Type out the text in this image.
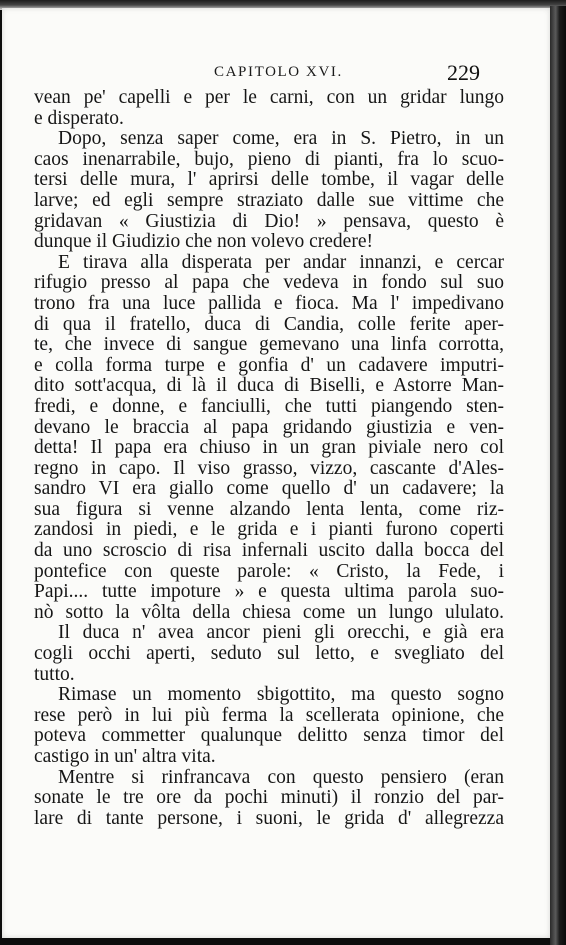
CAPITOLO XVI.	229
vean pe' capelli e per le carni, con un gridar lungo
e disperato.
Dopo, senza saper come, era in S. Pietro, in un
caos inenarrabile, bujo, pieno di pianti, fra lo scuo-
tersi delle mura, l' aprirsi delle tombe, il vagar delle
larve; ed egli sempre straziato dalle sue vittime che
gridavan « Giustizia di Dio! » pensava, questo è
dunque il Giudizio che non volevo credere!
E tirava alla disperata per andar innanzi, e cercar
rifugio presso al papa che vedeva in fondo sul suo
trono fra una luce pallida e fioca. Ma l' impedivano
di qua il fratello, duca di Candia, colle ferite aper-
te, che invece di sangue gemevano una linfa corrotta,
e colla forma turpe e gonfia d' un cadavere imputri-
dito sott'acqua, di là il duca di Biselli, e Astorre Man-
fredi, e donne, e fanciulli, che tutti piangendo sten-
devano le braccia al papa gridando giustizia e ven-
detta! Il papa era chiuso in un gran piviale nero col
regno in capo. Il viso grasso, vizzo, cascante d'Ales-
sandro VI era giallo come quello d' un cadavere; la
sua figura si venne alzando lenta lenta, come riz-
zandosi in piedi, e le grida e i pianti furono coperti
da uno scroscio di risa infernali uscito dalla bocca del
pontefice con queste parole: « Cristo, la Fede, i
Papi.... tutte impoture » e questa ultima parola suo-
nò sotto la vôlta della chiesa come un lungo ululato.
Il duca n' avea ancor pieni gli orecchi, e già era
cogli occhi aperti, seduto sul letto, e svegliato del
tutto.
Rimase un momento sbigottito, ma questo sogno
rese però in lui più ferma la scellerata opinione, che
poteva commetter qualunque delitto senza timor del
castigo in un' altra vita.
Mentre si rinfrancava con questo pensiero (eran
sonate le tre ore da pochi minuti) il ronzio del par-
lare di tante persone, i suoni, le grida d' allegrezza
